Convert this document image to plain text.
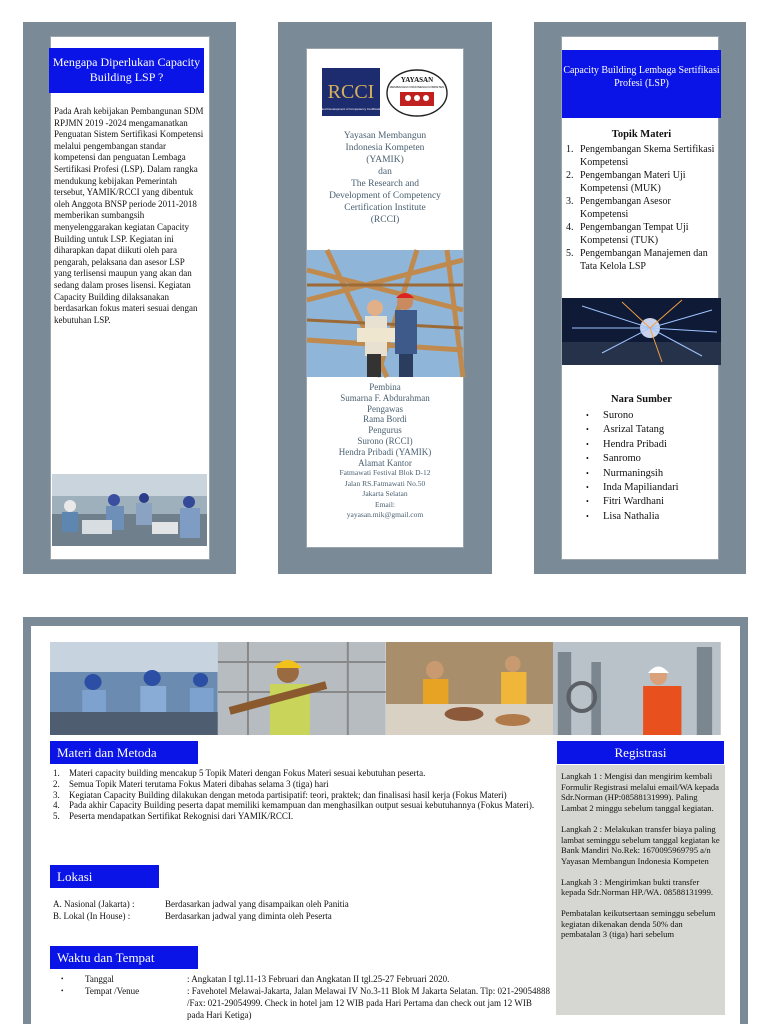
Mengapa Diperlukan Capacity Building LSP ?
Pada Arah kebijakan Pembangunan SDM RPJMN 2019 -2024 mengamanatkan Penguatan Sistem Sertifikasi Kompetensi melalui pengembangan standar kompetensi dan penguatan Lembaga Sertifikasi Profesi (LSP). Dalam rangka mendukung kebijakan Pemerintah tersebut, YAMIK/RCCI yang dibentuk oleh Anggota BNSP periode 2011-2018 memberikan sumbangsih menyelenggarakan kegiatan Capacity Building untuk LSP. Kegiatan ini diharapkan dapat diikuti oleh para pengarah, pelaksana dan asesor LSP yang terlisensi maupun yang akan dan sedang dalam proses lisensi. Kegiatan Capacity Building dilaksanakan berdasarkan fokus materi sesuai dengan kebutuhan LSP.
RCCI
Research and Development of Competency Certification Institute
YAYASAN
MEMBANGUN INDONESIA KOMPETEN
Yayasan Membangun
Indonesia Kompeten
(YAMIK)
dan
The Research and
Development of Competency
Certification Institute
(RCCI)
Pembina
Sumarna F. Abdurahman
Pengawas
Rama Bordi
Pengurus
Surono (RCCI)
Hendra Pribadi (YAMIK)
Alamat Kantor
Fatmawati Festival Blok D-12
Jalan RS.Fatmawati No.50
Jakarta Selatan
Email:
yayasan.mik@gmail.com
Capacity Building Lembaga Sertifikasi Profesi (LSP)
Topik Materi
1. Pengembangan Skema Sertifikasi Kompetensi
2. Pengembangan Materi Uji Kompetensi (MUK)
3. Pengembangan Asesor Kompetensi
4. Pengembangan Tempat Uji Kompetensi (TUK)
5. Pengembangan Manajemen dan Tata Kelola LSP
Nara Sumber
•	Surono
•	Asrizal Tatang
•	Hendra Pribadi
•	Sanromo
•	Nurmaningsih
•	Inda Mapiliandari
•	Fitri Wardhani
•	Lisa Nathalia
Materi dan Metoda
1.	Materi capacity building mencakup 5 Topik Materi dengan Fokus Materi sesuai kebutuhan peserta.
2.	Semua Topik Materi terutama Fokus Materi dibahas selama 3 (tiga) hari
3.	Kegiatan Capacity Building dilakukan dengan metoda partisipatif: teori, praktek; dan finalisasi hasil kerja (Fokus Materi)
4.	Pada akhir Capacity Building peserta dapat memiliki kemampuan dan menghasilkan output sesuai kebutuhannya (Fokus Materi).
5.	Peserta mendapatkan Sertifikat Rekognisi dari YAMIK/RCCI.
Lokasi
A. Nasional (Jakarta) :	Berdasarkan jadwal yang disampaikan oleh Panitia
B. Lokal (In House) :	Berdasarkan jadwal yang diminta oleh Peserta
Waktu dan Tempat
•	Tanggal	: Angkatan I tgl.11-13 Februari dan Angkatan II tgl.25-27 Februari 2020.
•	Tempat /Venue	: Favehotel Melawai-Jakarta, Jalan Melawai IV No.3-11 Blok M Jakarta Selatan. Tlp: 021-29054888 /Fax: 021-29054999. Check in hotel jam 12 WIB pada Hari Pertama dan check out jam 12 WIB pada Hari Ketiga)
Registrasi

Langkah 1 : Mengisi dan mengirim kembali Formulir Registrasi melalui email/WA kepada Sdr.Norman (HP:08588131999). Paling Lambat 2 minggu sebelum tanggal kegiatan.

Langkah 2 : Melakukan transfer biaya paling lambat seminggu sebelum tanggal kegiatan ke Bank Mandiri No.Rek: 1670095969795 a/n Yayasan Membangun Indonesia Kompeten

Langkah 3 : Mengirimkan bukti transfer kepada Sdr.Norman HP./WA. 08588131999.

Pembatalan keikutsertaan seminggu sebelum kegiatan dikenakan denda 50% dan pembatalan 3 (tiga) hari sebelum
